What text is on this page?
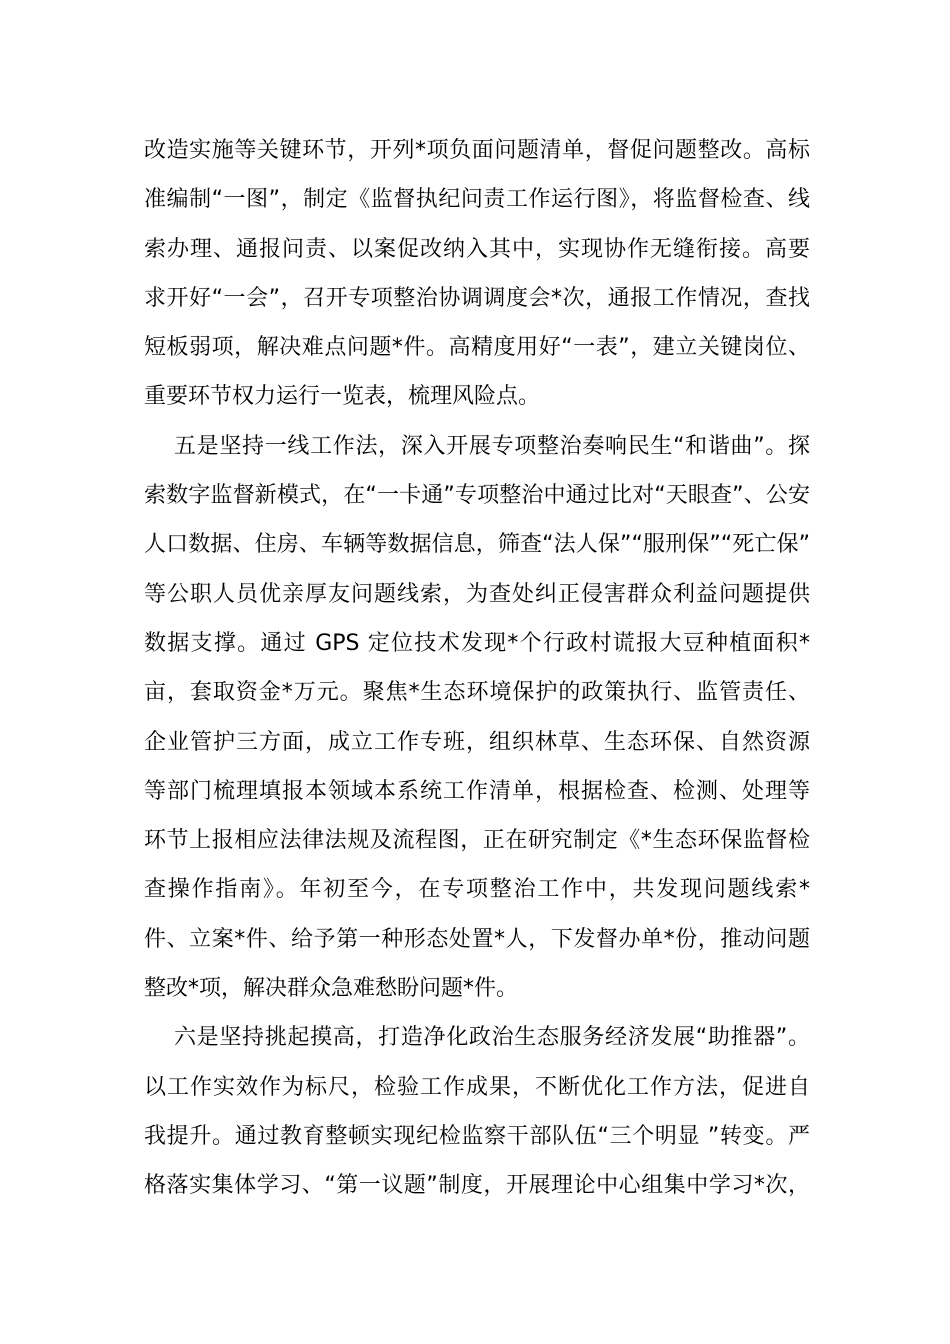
改造实施等关键环节，开列*项负面问题清单，督促问题整改。高标
准编制“一图”，制定《监督执纪问责工作运行图》，将监督检查、线
索办理、通报问责、以案促改纳入其中，实现协作无缝衔接。高要
求开好“一会”，召开专项整治协调调度会*次，通报工作情况，查找
短板弱项，解决难点问题*件。高精度用好“一表”，建立关键岗位、
重要环节权力运行一览表，梳理风险点。
五是坚持一线工作法，深入开展专项整治奏响民生“和谐曲”。探
索数字监督新模式，在“一卡通”专项整治中通过比对“天眼查”、公安
人口数据、住房、车辆等数据信息，筛查“法人保”“服刑保”“死亡保”
等公职人员优亲厚友问题线索，为查处纠正侵害群众利益问题提供
数据支撑。通过 GPS 定位技术发现*个行政村谎报大豆种植面积*
亩，套取资金*万元。聚焦*生态环境保护的政策执行、监管责任、
企业管护三方面，成立工作专班，组织林草、生态环保、自然资源
等部门梳理填报本领域本系统工作清单，根据检查、检测、处理等
环节上报相应法律法规及流程图，正在研究制定《*生态环保监督检
查操作指南》。年初至今，在专项整治工作中，共发现问题线索*
件、立案*件、给予第一种形态处置*人，下发督办单*份，推动问题
整改*项，解决群众急难愁盼问题*件。
六是坚持挑起摸高，打造净化政治生态服务经济发展“助推器”。
以工作实效作为标尺，检验工作成果，不断优化工作方法，促进自
我提升。通过教育整顿实现纪检监察干部队伍“三个明显 ”转变。严
格落实集体学习、“第一议题”制度，开展理论中心组集中学习*次，
